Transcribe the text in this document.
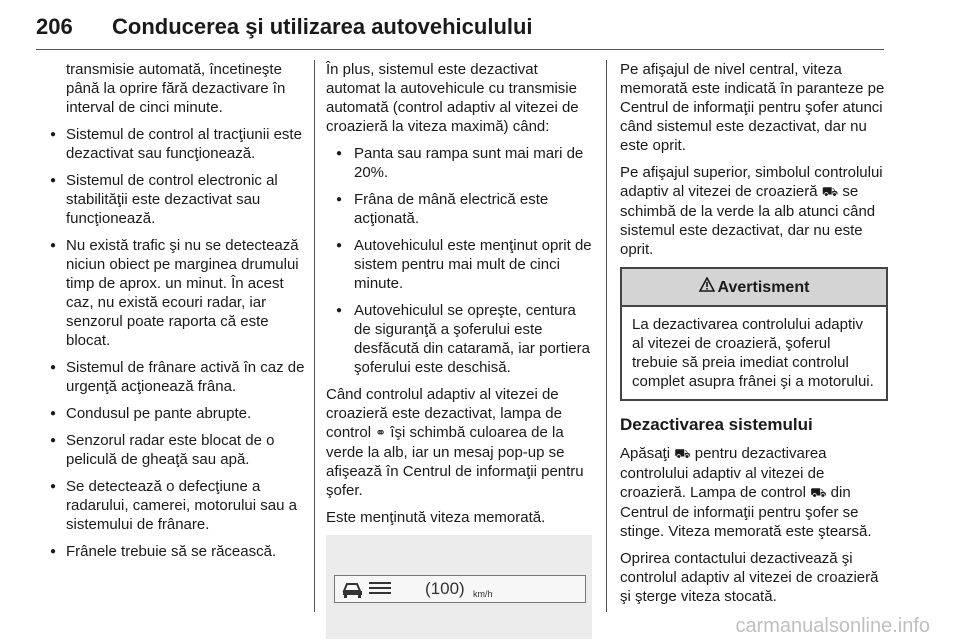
206 Conducerea şi utilizarea autovehiculului
transmisie automată, încetineşte până la oprire fără dezactivare în interval de cinci minute.
● Sistemul de control al tracţiunii este dezactivat sau funcţionează.
● Sistemul de control electronic al stabilităţii este dezactivat sau funcţionează.
● Nu există trafic şi nu se detectează niciun obiect pe marginea drumului timp de aprox. un minut. În acest caz, nu există ecouri radar, iar senzorul poate raporta că este blocat.
● Sistemul de frânare activă în caz de urgenţă acţionează frâna.
● Condusul pe pante abrupte.
● Senzorul radar este blocat de o peliculă de gheaţă sau apă.
● Se detectează o defecţiune a radarului, camerei, motorului sau a sistemului de frânare.
● Frânele trebuie să se răcească.

În plus, sistemul este dezactivat automat la autovehicule cu transmisie automată (control adaptiv al vitezei de croazieră la viteza maximă) când:

● Panta sau rampa sunt mai mari de 20%.
● Frâna de mână electrică este acţionată.
● Autovehiculul este menţinut oprit de sistem pentru mai mult de cinci minute.
● Autovehiculul se opreşte, centura de siguranţă a şoferului este desfăcută din cataramă, iar portiera şoferului este deschisă.

Când controlul adaptiv al vitezei de croazieră este dezactivat, lampa de control ⚭ îşi schimbă culoarea de la verde la alb, iar un mesaj pop-up se afişează în Centrul de informaţii pentru şofer.

Este menţinută viteza memorată.

(100) km/h

Pe afişajul de nivel central, viteza memorată este indicată în paranteze pe Centrul de informaţii pentru şofer atunci când sistemul este dezactivat, dar nu este oprit.

Pe afişajul superior, simbolul controlului adaptiv al vitezei de croazieră ⛟ se schimbă de la verde la alb atunci când sistemul este dezactivat, dar nu este oprit.

Avertisment
La dezactivarea controlului adaptiv al vitezei de croazieră, şoferul trebuie să preia imediat controlul complet asupra frânei şi a motorului.
Dezactivarea sistemului

Apăsaţi ⛟ pentru dezactivarea controlului adaptiv al vitezei de croazieră. Lampa de control ⛟ din Centrul de informaţii pentru şofer se stinge. Viteza memorată este ştearsă.

Oprirea contactului dezactivează şi controlul adaptiv al vitezei de croazieră şi şterge viteza stocată.

carmanualsonline.info
